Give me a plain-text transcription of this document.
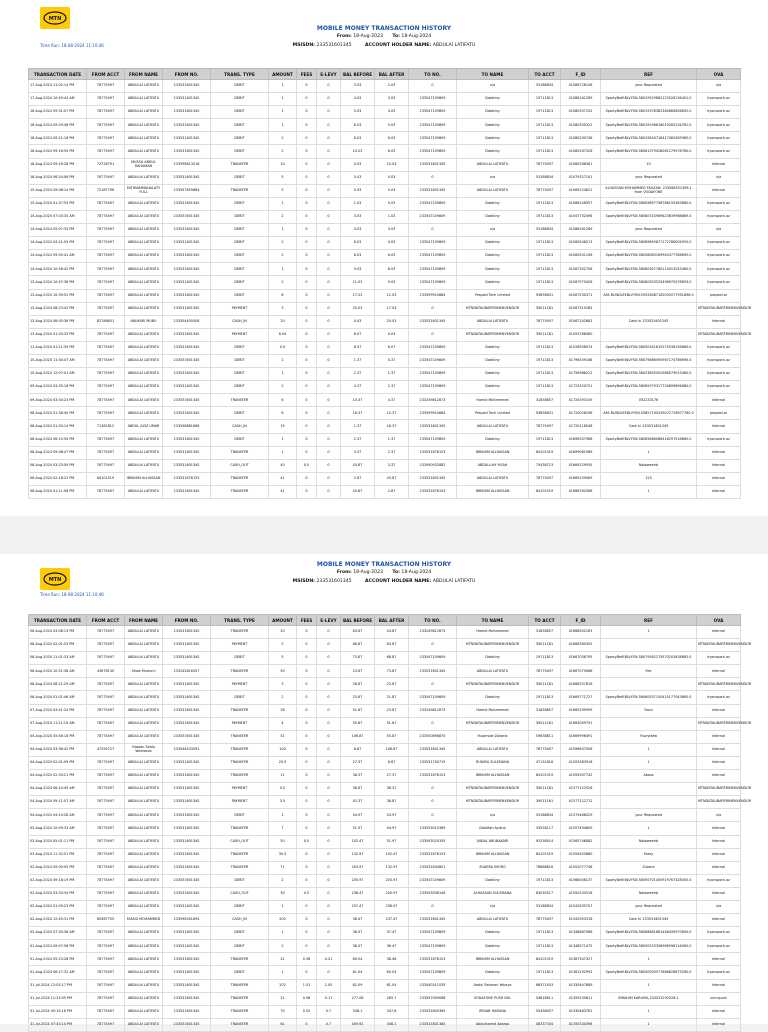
MTN
Time Run: 18-08-2024 11:10:46
MOBILE MONEY TRANSACTION HISTORY
From: 18-Aug-2023 To: 18-Aug-2024
MSISDN: 233531601345	ACCOUNT HOLDER NAME: ABDULAI LATIFATU
TRANSACTION DATE	FROM ACCT	FROM NAME	FROM NO.	TRANS. TYPE	AMOUNT	FEES	E-LEVY	BAL BEFORE	BAL AFTER	TO NO.	TO NAME	TO ACCT	F_ID	REF	OVA
17-Aug-2024 11:02:14 PM	78775497	ABDULAI LATIFATU	233531601345	DEBIT	1	0	0	3.03	2.03	0	n/a	53188834	41086726108	your Requested	n/a
17-Aug-2024 10:49:44 AM	78775497	ABDULAI LATIFATU	233531601345	DEBIT	1	0	0	4.03	3.03	233547109809	Datatiny	19711813	41086161289	SportyBetEBLVYSN.58019529862123528136451.0	hyonspork-oz
16-Aug-2024 09:31:07 PM	78775497	ABDULAI LATIFATU	233531601345	DEBIT	1	0	0	5.03	4.03	233547109809	Datatiny	19711813	41080337152	SportyBetEBLVYSN.58019378382384860856892.0	hyonspork-oz
16-Aug-2024 09:29:48 PM	78775497	ABDULAI LATIFATU	233531601345	DEBIT	1	0	0	6.03	5.03	233547109809	Datatiny	19711813	41080330322	SportyBetEBLVYSN.58019196616019265234781.0	hyonspork-oz
16-Aug-2024 09:21:18 PM	78775497	ABDULAI LATIFATU	233531601345	DEBIT	2	0	0	8.03	6.03	233547109809	Datatiny	19711813	41080290748	SportyBetEBLVYSN.58019816716417082963965.0	hyonspork-oz
16-Aug-2024 09:16:50 PM	78775497	ABDULAI LATIFATU	233531601345	DEBIT	2	0	0	10.03	8.03	233547109809	Datatiny	19711813	41080267328	SportyBetEBLVYSN.58081379428061279578760.0	hyonspork-oz
16-Aug-2024 09:16:28 PM	72728791	MUSSA ABDUL RAHAMAN	233598613018	TRANSFER	10	0	0	0.03	10.03	233531601345	ABDULAI LATIFATU	78775497	41080266361	10	Internal
16-Aug-2024 06:24:06 PM	78775497	ABDULAI LATIFATU	233531601345	DEBIT	5	0	0	5.03	0.03	0	n/a	53188834	41079327101	your Requested	n/a
15-Aug-2024 09:08:14 PM	72187796	FATIMAMMAHALATY FULL	233597859884	TRANSFER	5	0	0	0.03	5.03	233531601345	ABDULAI LATIFATU	78775497	41069224821	ALHASSAN MOHAMMED FAUZAN: 233588351396.1 from VODAFONE	Internal
15-Aug-2024 01:37:53 PM	78775497	ABDULAI LATIFATU	233531601345	DEBIT	1	0	0	1.03	0.03	233547109809	Datatiny	19711813	41066148957	SportyBetEBLVYSN.58009897798786155383860.0	hyonspork-oz
14-Aug-2024 07:03:35 AM	78775497	ABDULAI LATIFATU	233531601345	DEBIT	2	0	0	3.03	1.03	233547109809	Datatiny	19711813	41047752498	SportyBetEBLVYSN.58080743989823639988869.0	hyonspork-oz
14-Aug-2024 05:07:33 PM	78775497	ABDULAI LATIFATU	233531601345	DEBIT	1	0	0	4.03	3.03	0	n/a	53188834	41086161289	your Requested	n/a
14-Aug-2024 04:21:05 PM	78775497	ABDULAI LATIFATU	233531601345	DEBIT	2	0	0	6.03	4.03	233547109809	Datatiny	19711813	41060546213	SportyBetEBLVYSN.58089895877172786004950.0	hyonspork-oz
14-Aug-2024 09:05:41 AM	78775497	ABDULAI LATIFATU	233531601345	DEBIT	2	0	0	8.03	6.03	233547109809	Datatiny	19711813	41060541106	SportyBetEBLVYSN.58058063169940377786695.0	hyonspork-oz
14-Aug-2024 10:56:42 PM	78775497	ABDULAI LATIFATU	233531601345	DEBIT	1	0	0	9.03	8.03	233547109809	Datatiny	19711813	41067302758	SportyBetEBLVYSN.58080307780114013243460.0	hyonspork-oz
13-Aug-2024 10:47:38 PM	78775497	ABDULAI LATIFATU	233531601345	DEBIT	2	0	0	11.03	9.03	233547109809	Datatiny	19711813	41067975428	SportyBetEBLVYSN.58080303525498970078693.0	hyonspork-oz
13-Aug-2024 10:39:52 PM	78775497	ABDULAI LATIFATU	233531601345	DEBIT	6	0	0	17.03	11.03	233599910884	Prepaid Tech Limited	93856831	41067530371	AFA BUNDLEEBLVYSN.55928087162052077951896.0	prepaid-ar
13-Aug-2024 08:23:43 PM	78775497	ABDULAI LATIFATU	233531601345	PAYMENT	3	0	0	20.03	17.03	0	MTNDATAUBAPERIMENVENDOR	39011161	41067315285		MTNDATAUBAPERIMENVENDOR
13-Aug-2024 08:00:36 PM	82786631	ABUKARI MUBU	233554405508	CASH_IN	20	0	0	0.03	20.03	233531601345	ABDULAI LATIFATU	78775497	41067242683	Cash In 233531601345	Internal
13-Aug-2024 01:33:33 PM	78775497	ABDULAI LATIFATU	233531601345	PAYMENT	6.04	0	0	6.07	0.03	0	MTNDATAUBAPERIMENVENDOR	39011161	41053788480		MTNDATAUBAPERIMENVENDOR
11-Aug-2024 01:21:39 PM	78775497	ABDULAI LATIFATU	233531601345	DEBIT	0.5	0	0	6.57	6.07	233547109809	Datatiny	19711813	41028906974	SportyBetEBLVYSN.58050341619275538136660.0	hyonspork-oz
10-Aug-2024 11:34:47 AM	78775497	ABDULAI LATIFATU	233531601345	DEBIT	1	0	0	1.37	0.37	233547109809	Datatiny	19711813	41796539188	SportyBetEBLVYSN.58079686095967174786690.0	hyonspork-oz
10-Aug-2024 12:07:01 AM	78775497	ABDULAI LATIFATU	233531601345	DEBIT	1	0	0	2.37	1.37	233547109809	Datatiny	19711813	41756986222	SportyBetEBLVYSN.58023655002986079015460.0	hyonspork-oz
09-Aug-2024 03:35:18 PM	78775497	ABDULAI LATIFATU	233531601345	DEBIT	2	0	0	4.37	2.37	233547109809	Datatiny	19711813	41723320751	SportyBetEBLVYSN.58065379317734899896680.0	hyonspork-oz
09-Aug-2024 03:34:23 PM	78775497	ABDULAI LATIFATU	233531601345	TRANSFER	6	0	0	10.37	4.37	233249812873	Hamid Mohammed	31858857	41720393109	052233176	Internal
08-Aug-2024 01:36:40 PM	78775497	ABDULAI LATIFATU	233531601345	DEBIT	6	0	0	16.37	10.37	233599910884	Prepaid Tech Limited	93856831	41720028196	AFA BUNDLEEBLVYSN.55857190295072718977760.0	prepaid-ar
08-Aug-2024 01:33:14 PM	71381812	ABDUL AZIZ UMAR	233598661668	CASH_IN	15	0	0	1.37	16.37	233531601345	ABDULAI LATIFATU	78775497	41720118546	Cash In 233531601345	Internal
08-Aug-2024 06:15:50 PM	78775497	ABDULAI LATIFATU	233531601345	DEBIT	1	0	0	2.37	1.37	233547109809	Datatiny	19711813	41698337988	SportyBetEBLVYSN.58085666086416297518660.0	hyonspork-oz
08-Aug-2024 09:08:47 PM	78775497	ABDULAI LATIFATU	233531601345	TRANSFER	1	0	0	3.37	2.37	233531876153	IBRAHIM ALHASSAN	84101519	41699081989	1	Internal
06-Aug-2024 03:23:09 PM	78775497	ABDULAI LATIFATU	233531601345	CASH_OUT	40	0.5	0	43.87	3.37	233590932882	ABDULLAH YISAH	75438713	41669229555	Nataweehb	Internal
06-Aug-2024 02:18:22 PM	84101519	IBRAHIM ALHASSAN	233531876153	TRANSFER	41	0	0	2.87	43.87	233531601345	ABDULAI LATIFATU	78775497	41669159089	125	Internal
06-Aug-2024 01:11:08 PM	78775497	ABDULAI LATIFATU	233531601345	TRANSFER	41	0	0	43.87	2.87	233531876153	IBRAHIM ALHASSAN	84101519	41668762568	1	Internal
MOBILE MONEY TRANSACTION HISTORY
From: 18-Aug-2023 To: 18-Aug-2024
MTN
Time Run: 18-08-2024 11:10:46
MSISDN: 233531601345	ACCOUNT HOLDER NAME: ABDULAI LATIFATU
TRANSACTION DATE	FROM ACCT	FROM NAME	FROM NO.	TRANS. TYPE	AMOUNT	FEES	E-LEVY	BAL BEFORE	BAL AFTER	TO NO.	TO NAME	TO ACCT	F_ID	REF	OVA
06-Aug-2024 03:08:13 PM	78775497	ABDULAI LATIFATU	233531601345	TRANSFER	20	0	0	63.87	43.87	233249812873	Hamid Mohammed	31858857	41668542163	1	Internal
06-Aug-2024 02:01:03 PM	78775497	ABDULAI LATIFATU	233531601345	PAYMENT	5	0	0	68.87	63.87	0	MTNDATAUBAPERIMENVENDOR	39011161	41668380305		MTNDATAUBAPERIMENVENDOR
06-Aug-2024 11:01:33 AM	78775497	ABDULAI LATIFATU	233531601345	DEBIT	5	0	0	73.87	68.87	233547109809	Datatiny	19711813	41667038795	SportyBetEBLVYSN.58079562175570202638683.0	hyonspork-oz
06-Aug-2024 10:51:38 AM	43678130	Shaw Mumuni	233242816557	TRANSFER	50	0	0	23.87	73.87	233531601345	ABDULAI LATIFATU	78775497	41667079088	Fee	Internal
06-Aug-2024 08:21:29 AM	78775497	ABDULAI LATIFATU	233531601345	PAYMENT	3	0	0	26.87	23.87	0	MTNDATAUBAPERIMENVENDOR	39011161	41666257816		MTNDATAUBAPERIMENVENDOR
06-Aug-2024 01:01:46 AM	78775497	ABDULAI LATIFATU	233531601345	DEBIT	2	0	0	23.87	21.87	233547109809	Datatiny	19711813	41669771727	SportyBetEBLVYSN.58060537150415177043865.0	hyonspork-oz
07-Aug-2024 03:41:24 PM	78775497	ABDULAI LATIFATU	233531601345	TRANSFER	28	0	0	51.87	23.87	233249812873	Hamid Mohammed	31858857	41665299959	Dora	Internal
07-Aug-2024 11:21:19 AM	78775497	ABDULAI LATIFATU	233531601345	PAYMENT	4	0	0	55.87	51.87	0	MTNDATAUBAPERIMENVENDOR	39011161	41663099791		MTNDATAUBAPERIMENVENDOR
04-Aug-2024 05:46:18 PM	78775497	ABDULAI LATIFATU	233531601345	TRANSFER	51	0	0	106.87	55.87	233550896870	Yusamole Zakaria	59838811	41669996491	Fouryteeb	Internal
04-Aug-2024 03:36:42 PM	47295727	Hassan Seidu Wamasus	233544433591	TRANSFER	100	0	0	6.87	106.87	233531601345	ABDULAI LATIFATU	78775497	41596637006	1	Internal
04-Aug-2024 02:01:09 PM	78775497	ABDULAI LATIFATU	233531601345	TRANSFER	20.5	0	0	27.37	6.87	233531700715	RUKAYA SULEMANA	47131816	41593383916	1	Internal
04-Aug-2024 02:33:21 PM	78775497	ABDULAI LATIFATU	233531601345	TRANSFER	11	0	0	38.37	27.37	233531876153	IBRAHIM ALHASSAN	84101519	41593307742	Abass	Internal
04-Aug-2024 06:14:49 AM	78775497	ABDULAI LATIFATU	233531601345	PAYMENT	0.5	0	0	38.87	38.37	0	MTNDATAUBAPERIMENVENDOR	39011161	41577122528		MTNDATAUBAPERIMENVENDOR
04-Aug-2024 09:11:07 AM	78775497	ABDULAI LATIFATU	233531601345	PAYMENT	3.5	0	0	42.37	38.87	0	MTNDATAUBAPERIMENVENDOR	39011161	41577122712		MTNDATAUBAPERIMENVENDOR
04-Aug-2024 04:10:28 AM	78775497	ABDULAI LATIFATU	233531601345	DEBIT	1	0	0	44.97	43.97	0	n/a	53188834	41575468029	your Requested	n/a
03-Aug-2024 10:09:33 AM	78775497	ABDULAI LATIFATU	233531601345	TRANSFER	7	0	0	51.97	44.97	233553015389	Dalalfah Ayisha	33558117	41557494609	1	Internal
03-Aug-2024 05:01:11 PM	78775497	ABDULAI LATIFATU	233531601345	CASH_OUT	50	0.5	0	102.47	51.97	233593020355	JUBAIL ABUBAKARI	92538414	41565746082	Nataweehb	Internal
03-Aug-2024 11:32:01 PM	78775497	ABDULAI LATIFATU	233531601345	TRANSFER	30.5	0	0	132.97	102.47	233531876153	IBRAHIM ALHASSAN	84101519	41554505880	Fassy	Internal
02-Aug-2024 09:00:05 PM	78775497	ABDULAI LATIFATU	233531601345	TRANSFER	71	0	0	203.97	132.97	233531834801	ZUAERA IMORO	78688816	41552077746	Zuaera	Internal
02-Aug-2024 09:18:19 PM	78775497	ABDULAI LATIFATU	233531601345	DEBIT	2	0	0	205.97	203.97	233547109809	Datatiny	19711813	41568008137	SportyBetEBLVYSN.58050701405919767328050.0	hyonspork-oz
02-Aug-2024 03:33:34 PM	78775497	ABDULAI LATIFATU	233531601345	CASH_OUT	30	0.5	0	236.47	205.97	233593038146	ALHASSAN SULEMANA	83035517	41550233518	Nataweehb	Internal
02-Aug-2024 01:05:23 PM	78775497	ABDULAI LATIFATU	233531601345	DEBIT	1	0	0	237.47	236.47	0	n/a	53188834	41542635707	your Requested	n/a
02-Aug-2024 12:45:31 PM	85387755	FARUD MOHAMMED	233598341894	CASH_IN	200	0	0	36.47	237.47	233531601345	ABDULAI LATIFATU	78775497	41542953318	Cash In 233531601345	Internal
02-Aug-2024 07:30:36 AM	78775497	ABDULAI LATIFATU	233531601345	DEBIT	1	0	0	38.47	37.47	233547109809	Datatiny	19711813	41348667086	SportyBetEBLVYSN.58086681881446430970890.0	hyonspork-oz
01-Aug-2024 09:07:58 PM	78775497	ABDULAI LATIFATU	233531601345	DEBIT	2	0	0	38.47	36.47	233547109809	Datatiny	19711813	41348571475	SportyBetEBLVYSN.58050533356966596116065.0	hyonspork-oz
01-Aug-2024 05:23:28 PM	78775497	ABDULAI LATIFATU	233531601345	TRANSFER	21	0.36	0.21	60.04	38.46	233531876153	IBRAHIM ALHASSAN	84101519	41387347327	1	Internal
01-Aug-2024 06:17:32 AM	78775497	ABDULAI LATIFATU	233531601345	DEBIT	1	0	0	61.04	60.04	233547109809	Datatiny	19711813	41361292993	SportyBetEBLVYSN.58050509577686626673285.0	hyonspork-oz
31-Jul-2024 12:03:17 PM	78775497	ABDULAI LATIFATU	233531601345	TRANSFER	202	1.51	1.05	62.09	61.04	233540311035	Abdul Rahman Yahaya	66371453	41330447889	1	Internal
31-Jul-2024 11:23:05 PM	78775497	ABDULAI LATIFATU	233531601345	TRANSFER	21	0.58	0.11	277.08	265.7	233597009088	VODAFONE PUSH DVL	54818611	41359235611	IBRAHIM KARUMA,233523292528.1	vnnnpush
31-Jul-2024 09:15:18 PM	78775497	ABDULAI LATIFATU	233531601345	TRANSFER	70	0.52	0.7	348.1	347.8	233531845365	ZENAB HARUNA	55438457	41330463781	1	Internal
31-Jul-2024 07:43:10 PM	78775497	ABDULAI LATIFATU	233531601345	TRANSFER	61	0	0.7	409.92	348.1	233531801385	Abdulhamid Abaroo	48337304	41350330398	1	Internal
